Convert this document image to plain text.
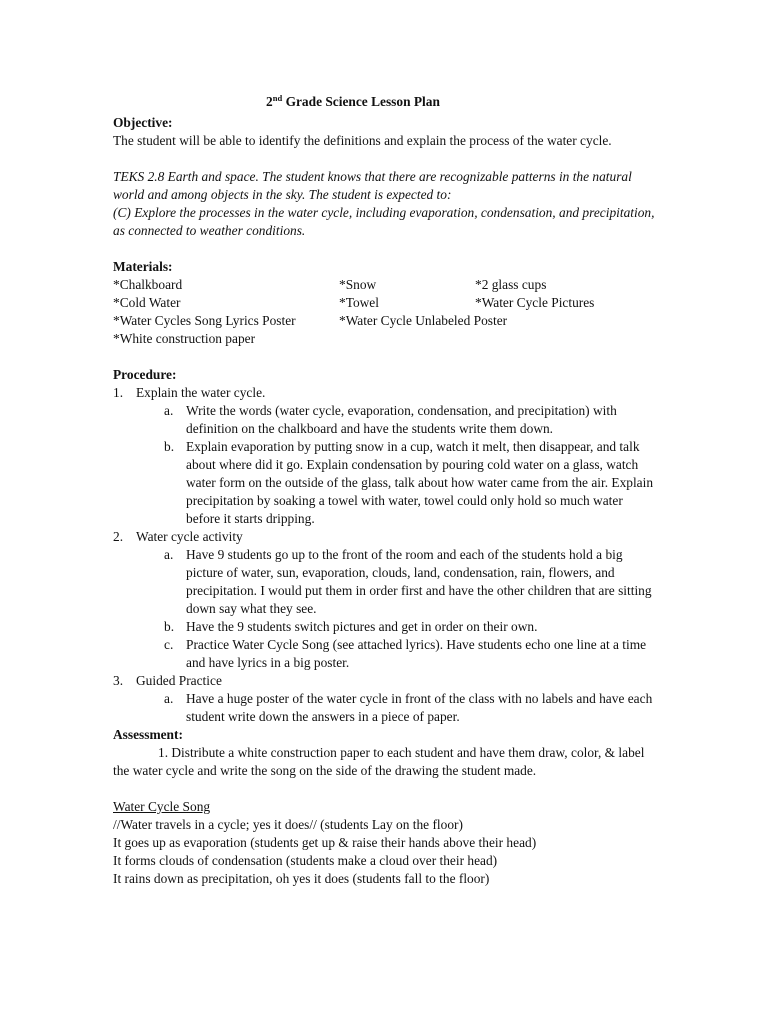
2nd Grade Science Lesson Plan

Objective:

The student will be able to identify the definitions and explain the process of the water cycle.

TEKS 2.8 Earth and space. The student knows that there are recognizable patterns in the natural world and among objects in the sky. The student is expected to:

(C) Explore the processes in the water cycle, including evaporation, condensation, and precipitation, as connected to weather conditions.

Materials:

*Chalkboard	*Snow	*2 glass cups
*Cold Water	*Towel	*Water Cycle Pictures
*Water Cycles Song Lyrics Poster	*Water Cycle Unlabeled Poster
*White construction paper

Procedure:

1. Explain the water cycle.
a. Write the words (water cycle, evaporation, condensation, and precipitation) with definition on the chalkboard and have the students write them down.
b. Explain evaporation by putting snow in a cup, watch it melt, then disappear, and talk about where did it go. Explain condensation by pouring cold water on a glass, watch water form on the outside of the glass, talk about how water came from the air. Explain precipitation by soaking a towel with water, towel could only hold so much water before it starts dripping.
2. Water cycle activity
a. Have 9 students go up to the front of the room and each of the students hold a big picture of water, sun, evaporation, clouds, land, condensation, rain, flowers, and precipitation. I would put them in order first and have the other children that are sitting down say what they see.
b. Have the 9 students switch pictures and get in order on their own.
c. Practice Water Cycle Song (see attached lyrics). Have students echo one line at a time and have lyrics in a big poster.
3. Guided Practice
a. Have a huge poster of the water cycle in front of the class with no labels and have each student write down the answers in a piece of paper.

Assessment:

1. Distribute a white construction paper to each student and have them draw, color, & label the water cycle and write the song on the side of the drawing the student made.

Water Cycle Song

//Water travels in a cycle; yes it does// (students Lay on the floor)

It goes up as evaporation (students get up & raise their hands above their head)

It forms clouds of condensation (students make a cloud over their head)

It rains down as precipitation, oh yes it does (students fall to the floor)
